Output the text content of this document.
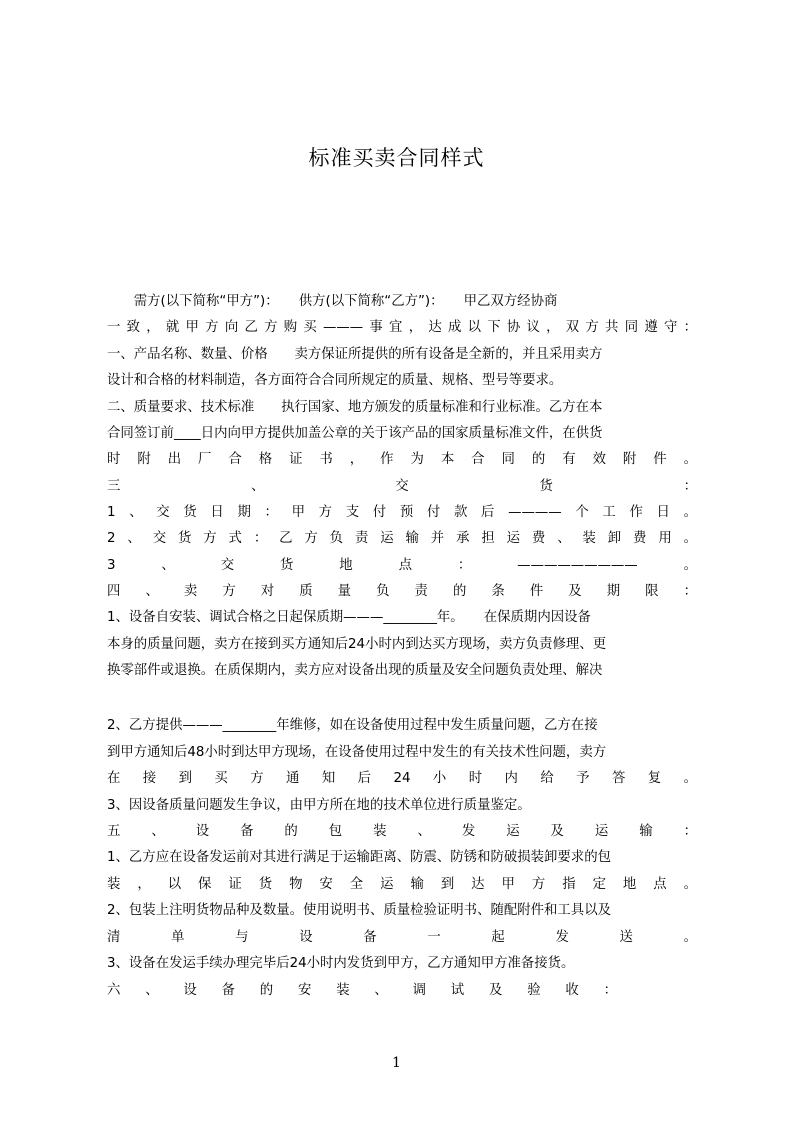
标准买卖合同样式
　　需方(以下简称“甲方”)：　　供方(以下简称“乙方”)：　　甲乙双方经协商
一致，就甲方向乙方购买———事宜，达成以下协议，双方共同遵守：
一、产品名称、数量、价格　　卖方保证所提供的所有设备是全新的，并且采用卖方
设计和合格的材料制造，各方面符合合同所规定的质量、规格、型号等要求。
二、质量要求、技术标准　　执行国家、地方颁发的质量标准和行业标准。乙方在本
合同签订前____日内向甲方提供加盖公章的关于该产品的国家质量标准文件，在供货
时附出厂合格证书，作为本合同的有效附件。
三、交货：
1、交货日期：甲方支付预付款后————个工作日。
2、交货方式：乙方负责运输并承担运费、装卸费用。
3、交货地点：—————————。
四、卖方对质量负责的条件及期限：
1、设备自安装、调试合格之日起保质期———________年。　　在保质期内因设备
本身的质量问题，卖方在接到买方通知后24小时内到达买方现场，卖方负责修理、更
换零部件或退换。在质保期内，卖方应对设备出现的质量及安全问题负责处理、解决
2、乙方提供———________年维修，如在设备使用过程中发生质量问题，乙方在接
到甲方通知后48小时到达甲方现场，在设备使用过程中发生的有关技术性问题，卖方
在接到买方通知后24小时内给予答复。
3、因设备质量问题发生争议，由甲方所在地的技术单位进行质量鉴定。
五、设备的包装、发运及运输：
1、乙方应在设备发运前对其进行满足于运输距离、防震、防锈和防破损装卸要求的包
装，以保证货物安全运输到达甲方指定地点。
2、包装上注明货物品种及数量。使用说明书、质量检验证明书、随配附件和工具以及
清单与设备一起发送。
3、设备在发运手续办理完毕后24小时内发货到甲方，乙方通知甲方准备接货。
六、设备的安装、调试及验收：
1
